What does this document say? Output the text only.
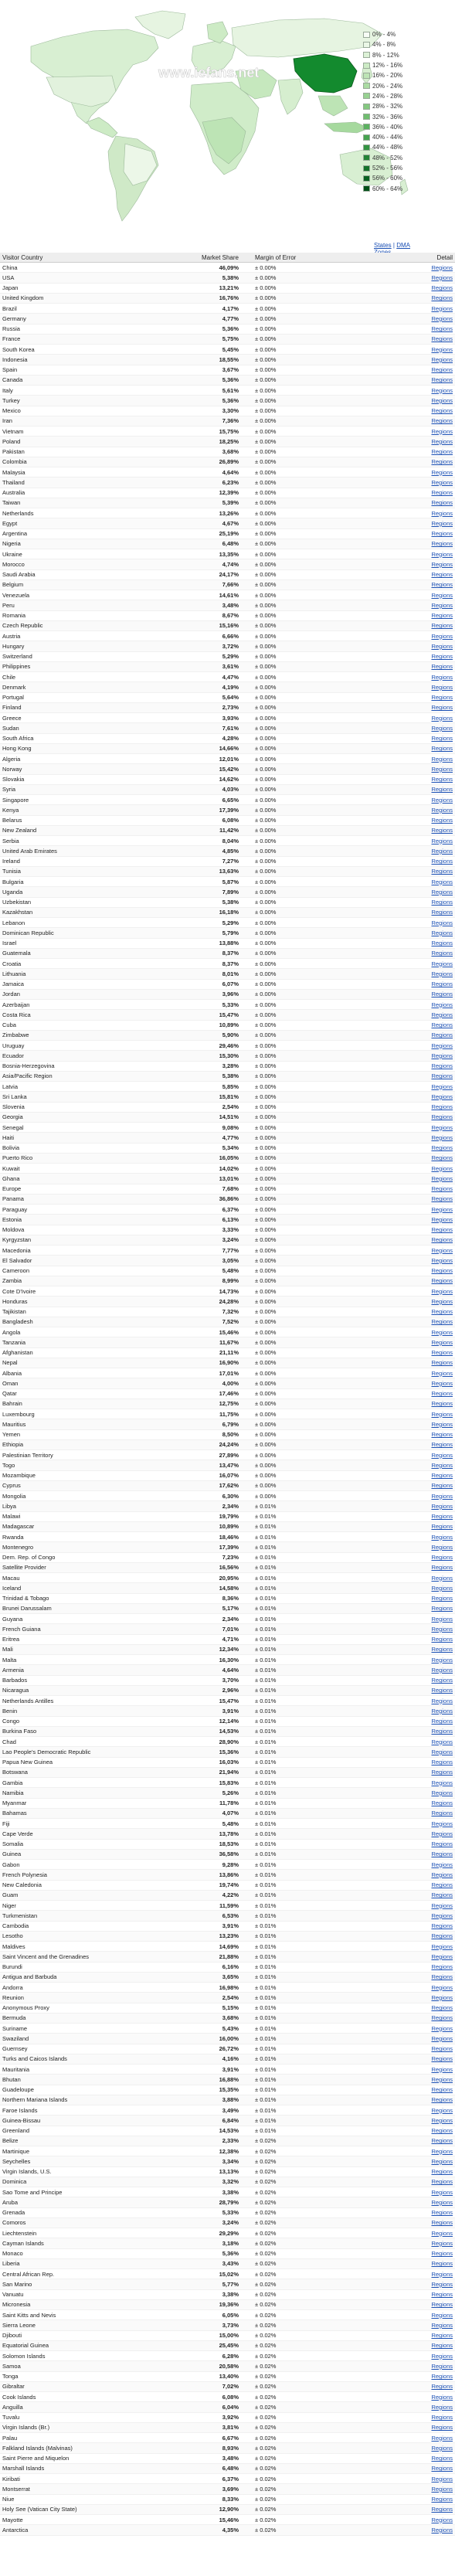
www.iefans.net
0% - 4%
4% - 8%
8% - 12%
12% - 16%
16% - 20%
20% - 24%
24% - 28%
28% - 32%
32% - 36%
36% - 40%
40% - 44%
44% - 48%
48% - 52%
52% - 56%
56% - 60%
60% - 64%
States | DMA
Visitor Country	Market Share	Margin of Error	Detail
China	46,09%	± 0.00%	Regions
USA	5,38%	± 0.00%	Regions
Japan	13,21%	± 0.00%	Regions
United Kingdom	16,76%	± 0.00%	Regions
Brazil	4,17%	± 0.00%	Regions
Germany	4,77%	± 0.00%	Regions
Russia	5,36%	± 0.00%	Regions
France	5,75%	± 0.00%	Regions
South Korea	5,45%	± 0.00%	Regions
Indonesia	18,55%	± 0.00%	Regions
Spain	3,67%	± 0.00%	Regions
Canada	5,36%	± 0.00%	Regions
Italy	5,61%	± 0.00%	Regions
Turkey	5,36%	± 0.00%	Regions
Mexico	3,30%	± 0.00%	Regions
Iran	7,36%	± 0.00%	Regions
Vietnam	15,75%	± 0.00%	Regions
Poland	18,25%	± 0.00%	Regions
Pakistan	3,68%	± 0.00%	Regions
Colombia	26,89%	± 0.00%	Regions
Malaysia	4,64%	± 0.00%	Regions
Thailand	6,23%	± 0.00%	Regions
Australia	12,39%	± 0.00%	Regions
Taiwan	5,39%	± 0.00%	Regions
Netherlands	13,26%	± 0.00%	Regions
Egypt	4,67%	± 0.00%	Regions
Argentina	25,19%	± 0.00%	Regions
Nigeria	6,48%	± 0.00%	Regions
Ukraine	13,35%	± 0.00%	Regions
Morocco	4,74%	± 0.00%	Regions
Saudi Arabia	24,17%	± 0.00%	Regions
Belgium	7,66%	± 0.00%	Regions
Venezuela	14,61%	± 0.00%	Regions
Peru	3,48%	± 0.00%	Regions
Romania	8,67%	± 0.00%	Regions
Czech Republic	15,16%	± 0.00%	Regions
Austria	6,66%	± 0.00%	Regions
Hungary	3,72%	± 0.00%	Regions
Switzerland	5,29%	± 0.00%	Regions
Philippines	3,61%	± 0.00%	Regions
Chile	4,47%	± 0.00%	Regions
Denmark	4,19%	± 0.00%	Regions
Portugal	5,64%	± 0.00%	Regions
Finland	2,73%	± 0.00%	Regions
Greece	3,93%	± 0.00%	Regions
Sudan	7,61%	± 0.00%	Regions
South Africa	4,28%	± 0.00%	Regions
Hong Kong	14,66%	± 0.00%	Regions
Algeria	12,01%	± 0.00%	Regions
Norway	15,42%	± 0.00%	Regions
Slovakia	14,62%	± 0.00%	Regions
Syria	4,03%	± 0.00%	Regions
Singapore	6,65%	± 0.00%	Regions
Kenya	17,39%	± 0.00%	Regions
Belarus	6,08%	± 0.00%	Regions
New Zealand	11,42%	± 0.00%	Regions
Serbia	8,04%	± 0.00%	Regions
United Arab Emirates	4,85%	± 0.00%	Regions
Ireland	7,27%	± 0.00%	Regions
Tunisia	13,63%	± 0.00%	Regions
Bulgaria	5,87%	± 0.00%	Regions
Uganda	7,89%	± 0.00%	Regions
Uzbekistan	5,38%	± 0.00%	Regions
Kazakhstan	16,18%	± 0.00%	Regions
Lebanon	5,29%	± 0.00%	Regions
Dominican Republic	5,79%	± 0.00%	Regions
Israel	13,88%	± 0.00%	Regions
Guatemala	8,37%	± 0.00%	Regions
Croatia	8,37%	± 0.00%	Regions
Lithuania	8,01%	± 0.00%	Regions
Jamaica	6,07%	± 0.00%	Regions
Jordan	3,96%	± 0.00%	Regions
Azerbaijan	5,33%	± 0.00%	Regions
Costa Rica	15,47%	± 0.00%	Regions
Cuba	10,89%	± 0.00%	Regions
Zimbabwe	5,90%	± 0.00%	Regions
Uruguay	29,46%	± 0.00%	Regions
Ecuador	15,30%	± 0.00%	Regions
Bosnia-Herzegovina	3,28%	± 0.00%	Regions
Asia/Pacific Region	5,38%	± 0.00%	Regions
Latvia	5,85%	± 0.00%	Regions
Sri Lanka	15,81%	± 0.00%	Regions
Slovenia	2,54%	± 0.00%	Regions
Georgia	14,51%	± 0.00%	Regions
Senegal	9,08%	± 0.00%	Regions
Haiti	4,77%	± 0.00%	Regions
Bolivia	5,34%	± 0.00%	Regions
Puerto Rico	16,05%	± 0.00%	Regions
Kuwait	14,02%	± 0.00%	Regions
Ghana	13,01%	± 0.00%	Regions
Europe	7,68%	± 0.00%	Regions
Panama	36,86%	± 0.00%	Regions
Paraguay	6,37%	± 0.00%	Regions
Estonia	6,13%	± 0.00%	Regions
Moldova	3,33%	± 0.00%	Regions
Kyrgyzstan	3,24%	± 0.00%	Regions
Macedonia	7,77%	± 0.00%	Regions
El Salvador	3,05%	± 0.00%	Regions
Cameroon	5,48%	± 0.00%	Regions
Zambia	8,99%	± 0.00%	Regions
Cote D'Ivoire	14,73%	± 0.00%	Regions
Honduras	24,28%	± 0.00%	Regions
Tajikistan	7,32%	± 0.00%	Regions
Bangladesh	7,52%	± 0.00%	Regions
Angola	15,46%	± 0.00%	Regions
Tanzania	11,67%	± 0.00%	Regions
Afghanistan	21,11%	± 0.00%	Regions
Nepal	16,90%	± 0.00%	Regions
Albania	17,01%	± 0.00%	Regions
Oman	4,00%	± 0.00%	Regions
Qatar	17,46%	± 0.00%	Regions
Bahrain	12,75%	± 0.00%	Regions
Luxembourg	11,75%	± 0.00%	Regions
Mauritius	6,79%	± 0.00%	Regions
Yemen	8,50%	± 0.00%	Regions
Ethiopia	24,24%	± 0.00%	Regions
Palestinian Territory	27,89%	± 0.00%	Regions
Togo	13,47%	± 0.00%	Regions
Mozambique	16,07%	± 0.00%	Regions
Cyprus	17,62%	± 0.00%	Regions
Mongolia	6,30%	± 0.00%	Regions
Libya	2,34%	± 0.01%	Regions
Malawi	19,79%	± 0.01%	Regions
Madagascar	10,89%	± 0.01%	Regions
Rwanda	18,46%	± 0.01%	Regions
Montenegro	17,39%	± 0.01%	Regions
Dem. Rep. of Congo	7,23%	± 0.01%	Regions
Satellite Provider	16,56%	± 0.01%	Regions
Macau	20,95%	± 0.01%	Regions
Iceland	14,58%	± 0.01%	Regions
Trinidad & Tobago	8,36%	± 0.01%	Regions
Brunei Darussalam	5,17%	± 0.01%	Regions
Guyana	2,34%	± 0.01%	Regions
French Guiana	7,01%	± 0.01%	Regions
Eritrea	4,71%	± 0.01%	Regions
Mali	12,34%	± 0.01%	Regions
Malta	16,30%	± 0.01%	Regions
Armenia	4,64%	± 0.01%	Regions
Barbados	3,70%	± 0.01%	Regions
Nicaragua	2,96%	± 0.01%	Regions
Netherlands Antilles	15,47%	± 0.01%	Regions
Benin	3,91%	± 0.01%	Regions
Congo	12,14%	± 0.01%	Regions
Burkina Faso	14,53%	± 0.01%	Regions
Chad	28,90%	± 0.01%	Regions
Lao People's Democratic Republic	15,36%	± 0.01%	Regions
Papua New Guinea	16,03%	± 0.01%	Regions
Botswana	21,94%	± 0.01%	Regions
Gambia	15,83%	± 0.01%	Regions
Namibia	5,26%	± 0.01%	Regions
Myanmar	11,78%	± 0.01%	Regions
Bahamas	4,07%	± 0.01%	Regions
Fiji	5,48%	± 0.01%	Regions
Cape Verde	13,78%	± 0.01%	Regions
Somalia	18,53%	± 0.01%	Regions
Guinea	36,58%	± 0.01%	Regions
Gabon	9,28%	± 0.01%	Regions
French Polynesia	13,86%	± 0.01%	Regions
New Caledonia	19,74%	± 0.01%	Regions
Guam	4,22%	± 0.01%	Regions
Niger	11,59%	± 0.01%	Regions
Turkmenistan	6,53%	± 0.01%	Regions
Cambodia	3,91%	± 0.01%	Regions
Lesotho	13,23%	± 0.01%	Regions
Maldives	14,69%	± 0.01%	Regions
Saint Vincent and the Grenadines	21,88%	± 0.01%	Regions
Burundi	6,16%	± 0.01%	Regions
Antigua and Barbuda	3,65%	± 0.01%	Regions
Andorra	16,98%	± 0.01%	Regions
Reunion	2,54%	± 0.01%	Regions
Anonymous Proxy	5,15%	± 0.01%	Regions
Bermuda	3,68%	± 0.01%	Regions
Suriname	5,43%	± 0.01%	Regions
Swaziland	16,00%	± 0.01%	Regions
Guernsey	26,72%	± 0.01%	Regions
Turks and Caicos Islands	4,16%	± 0.01%	Regions
Mauritania	3,91%	± 0.01%	Regions
Bhutan	16,88%	± 0.01%	Regions
Guadeloupe	15,35%	± 0.01%	Regions
Northern Mariana Islands	3,88%	± 0.01%	Regions
Faroe Islands	3,49%	± 0.01%	Regions
Guinea-Bissau	6,84%	± 0.01%	Regions
Greenland	14,53%	± 0.01%	Regions
Belize	2,33%	± 0.02%	Regions
Martinique	12,38%	± 0.02%	Regions
Seychelles	3,34%	± 0.02%	Regions
Virgin Islands, U.S.	13,13%	± 0.02%	Regions
Dominica	3,32%	± 0.02%	Regions
Sao Tome and Principe	3,38%	± 0.02%	Regions
Aruba	28,79%	± 0.02%	Regions
Grenada	5,33%	± 0.02%	Regions
Comoros	3,24%	± 0.02%	Regions
Liechtenstein	29,29%	± 0.02%	Regions
Cayman Islands	3,18%	± 0.02%	Regions
Monaco	5,36%	± 0.02%	Regions
Liberia	3,43%	± 0.02%	Regions
Central African Rep.	15,02%	± 0.02%	Regions
San Marino	5,77%	± 0.02%	Regions
Vanuatu	3,38%	± 0.02%	Regions
Micronesia	19,36%	± 0.02%	Regions
Saint Kitts and Nevis	6,05%	± 0.02%	Regions
Sierra Leone	3,73%	± 0.02%	Regions
Djibouti	15,00%	± 0.02%	Regions
Equatorial Guinea	25,45%	± 0.02%	Regions
Solomon Islands	6,28%	± 0.02%	Regions
Samoa	20,58%	± 0.02%	Regions
Tonga	13,40%	± 0.02%	Regions
Gibraltar	7,02%	± 0.02%	Regions
Cook Islands	6,08%	± 0.02%	Regions
Anguilla	6,04%	± 0.02%	Regions
Tuvalu	3,92%	± 0.02%	Regions
Virgin Islands (Br.)	3,81%	± 0.02%	Regions
Palau	6,67%	± 0.02%	Regions
Falkland Islands (Malvinas)	8,93%	± 0.02%	Regions
Saint Pierre and Miquelon	3,48%	± 0.02%	Regions
Marshall Islands	6,48%	± 0.02%	Regions
Kiribati	6,37%	± 0.02%	Regions
Montserrat	3,69%	± 0.02%	Regions
Niue	8,33%	± 0.02%	Regions
Holy See (Vatican City State)	12,90%	± 0.02%	Regions
Mayotte	15,46%	± 0.02%	Regions
Antarctica	4,35%	± 0.02%	Regions
